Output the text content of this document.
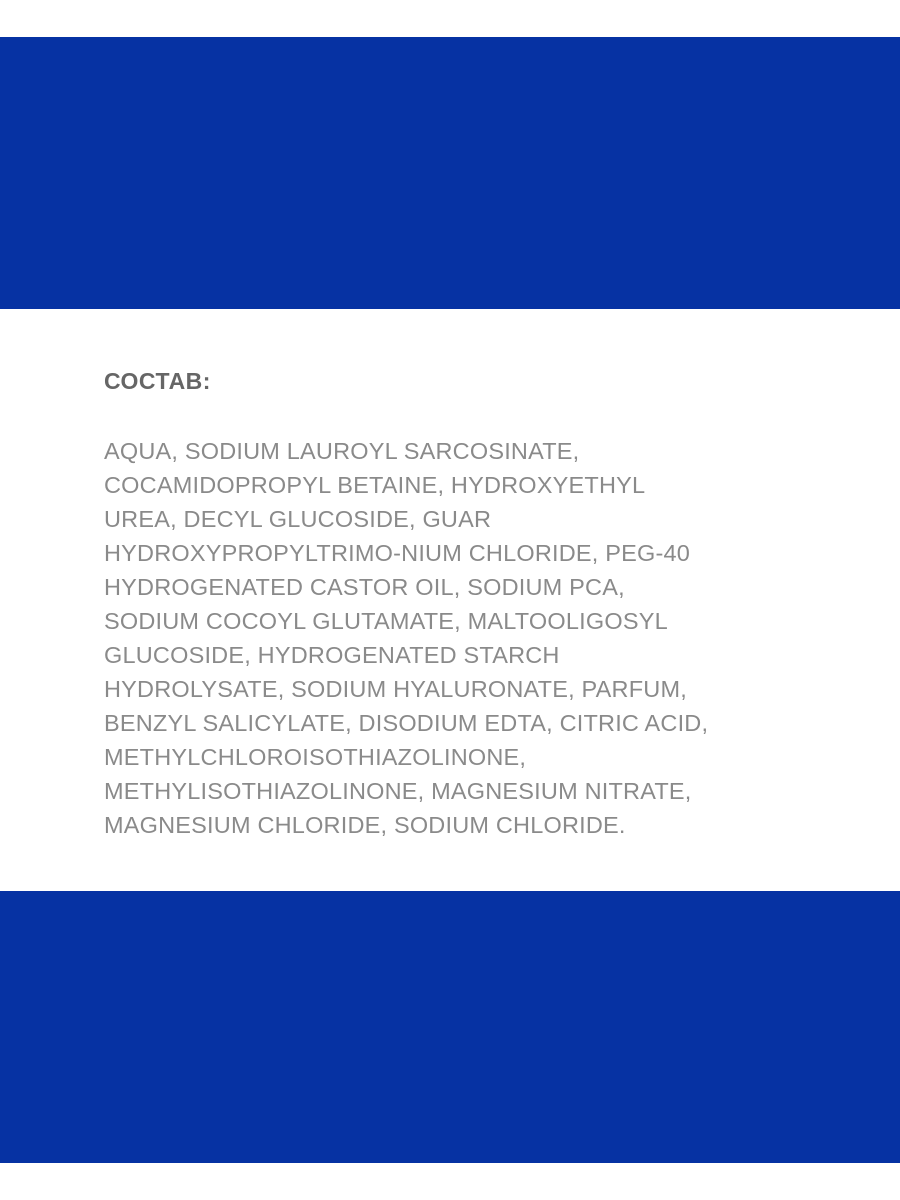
СОСТАВ:
AQUA, SODIUM LAUROYL SARCOSINATE,
COCAMIDOPROPYL BETAINE, HYDROXYETHYL
UREA, DECYL GLUCOSIDE, GUAR
HYDROXYPROPYLTRIMO-NIUM CHLORIDE, PEG-40
HYDROGENATED CASTOR OIL, SODIUM PCA,
SODIUM COCOYL GLUTAMATE, MALTOOLIGOSYL
GLUCOSIDE, HYDROGENATED STARCH
HYDROLYSATE, SODIUM HYALURONATE, PARFUM,
BENZYL SALICYLATE, DISODIUM EDTA, CITRIC ACID,
METHYLCHLOROISOTHIAZOLINONE,
METHYLISOTHIAZOLINONE, MAGNESIUM NITRATE,
MAGNESIUM CHLORIDE, SODIUM CHLORIDE.
